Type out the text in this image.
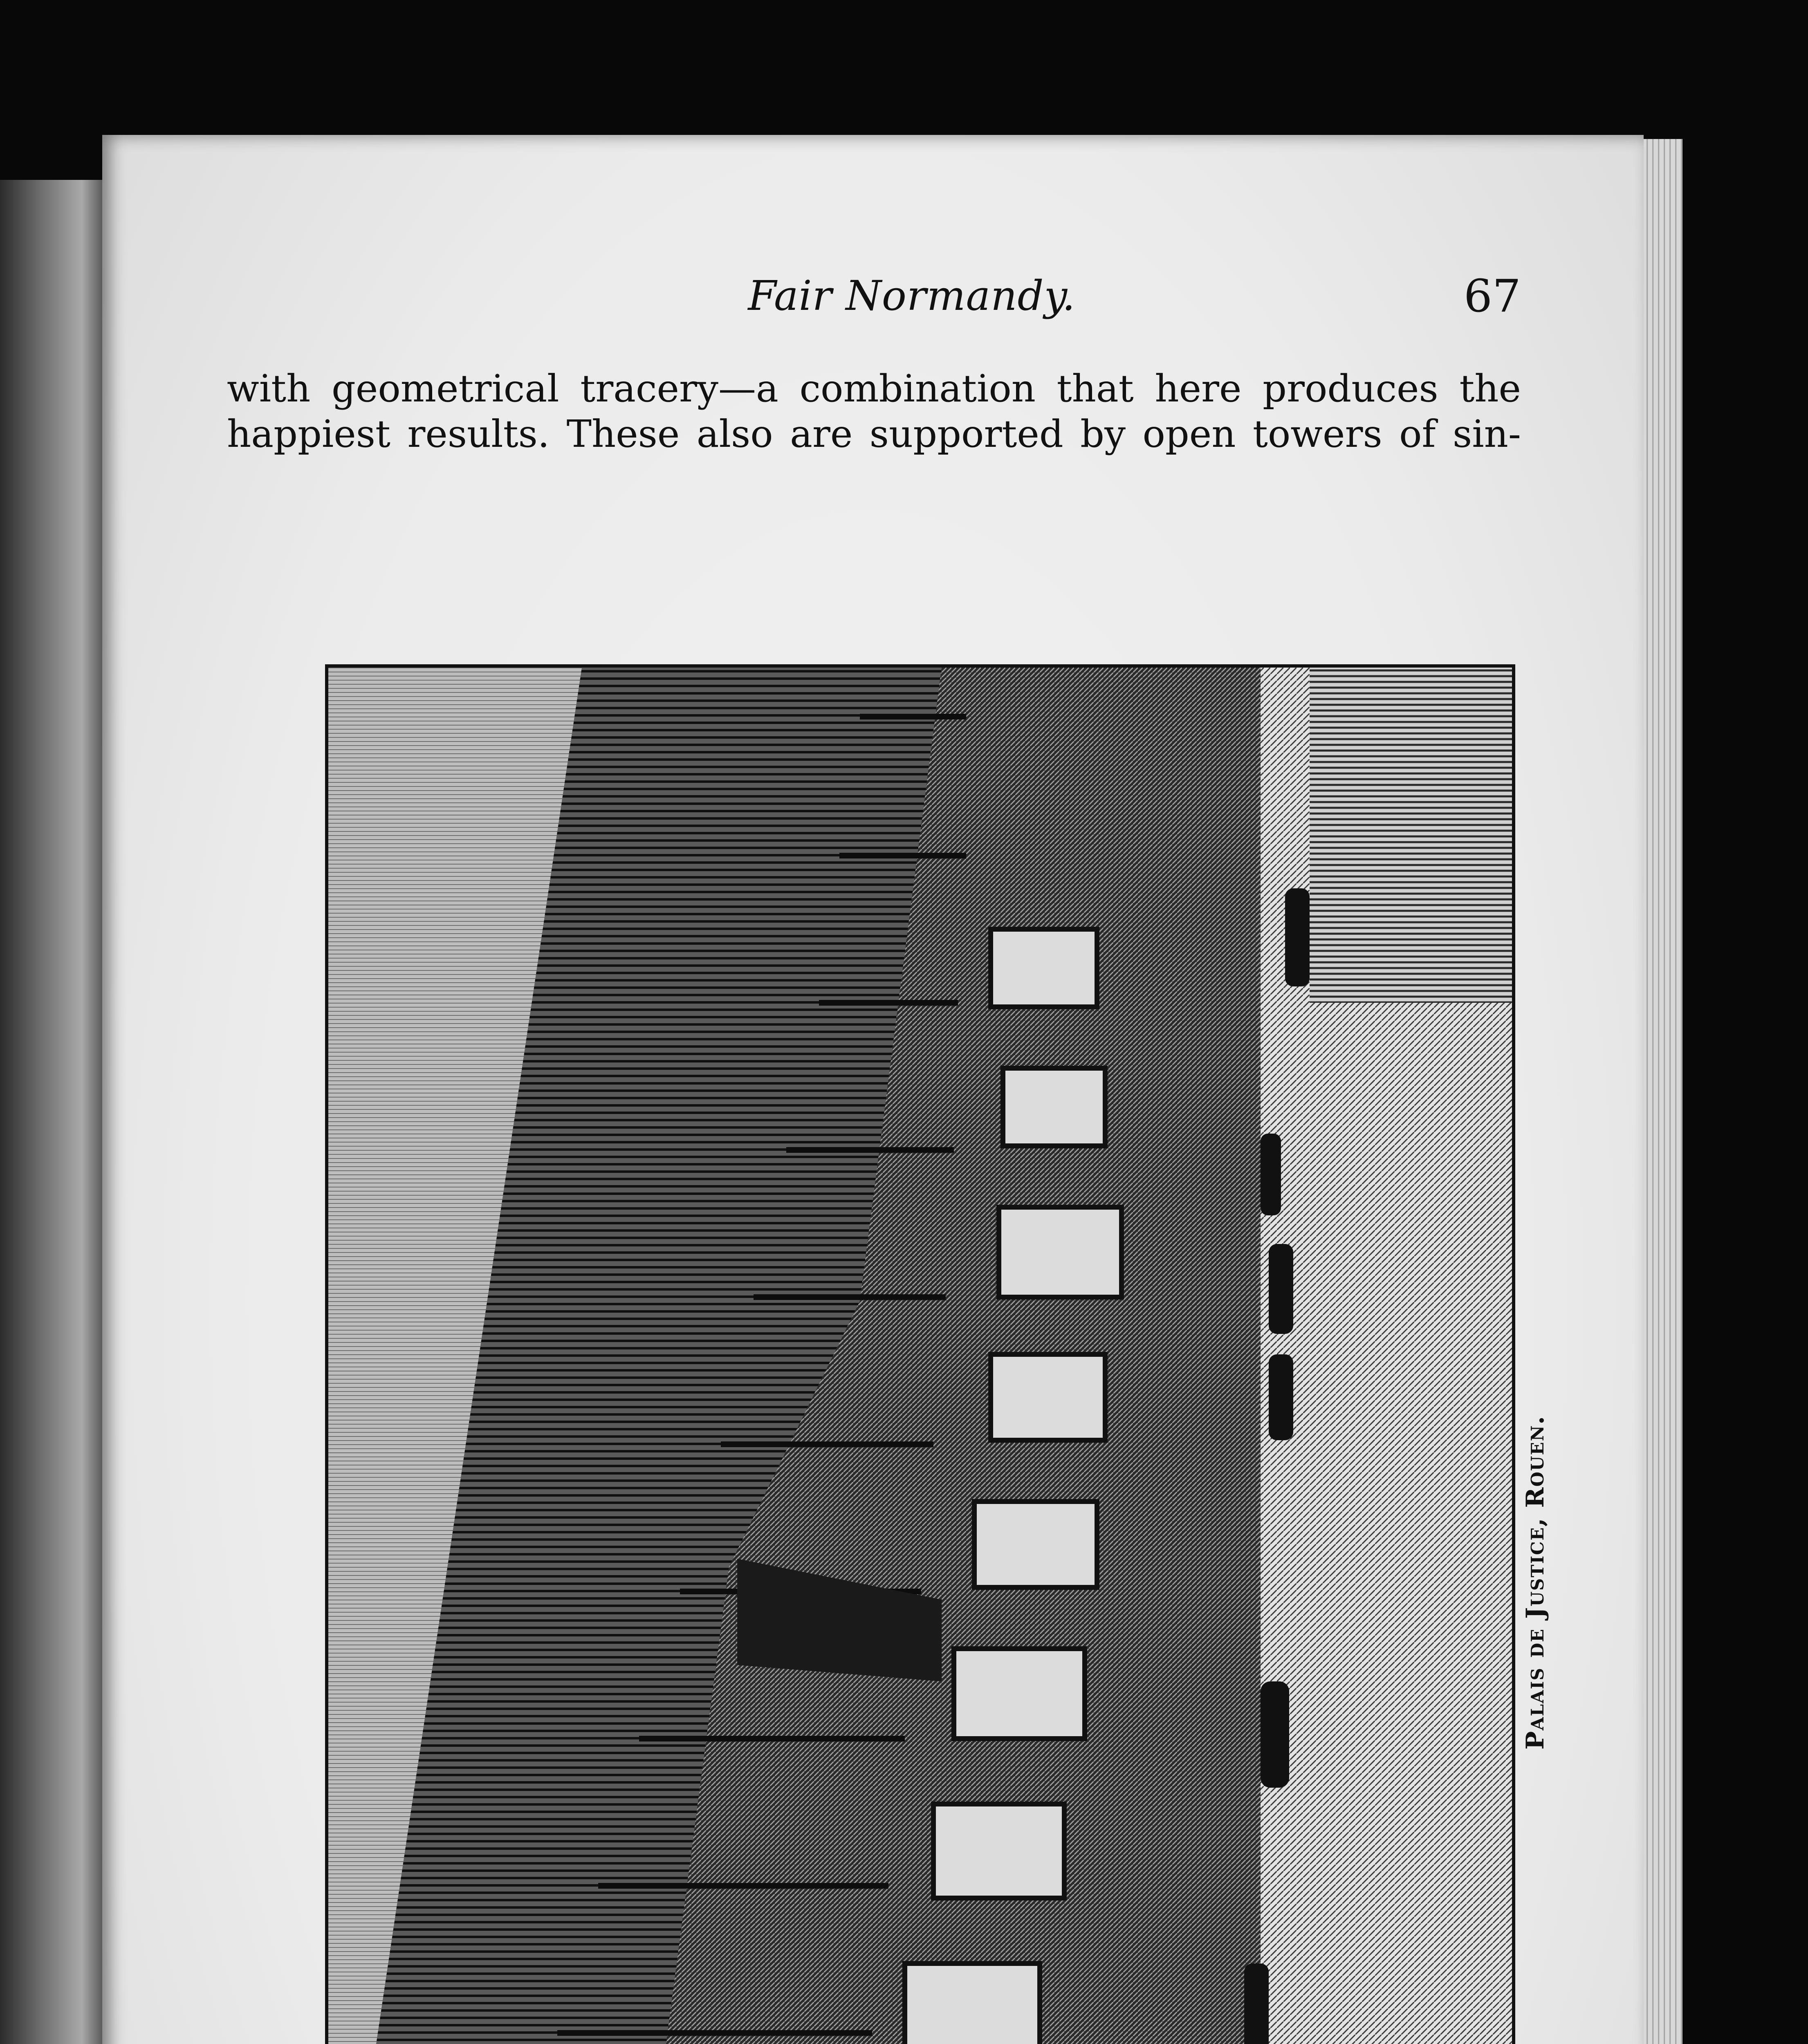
Fair Normandy.	67
with geometrical tracery—a combination that here produces the
happiest results. These also are supported by open towers of sin-
Palais de Justice, Rouen.
